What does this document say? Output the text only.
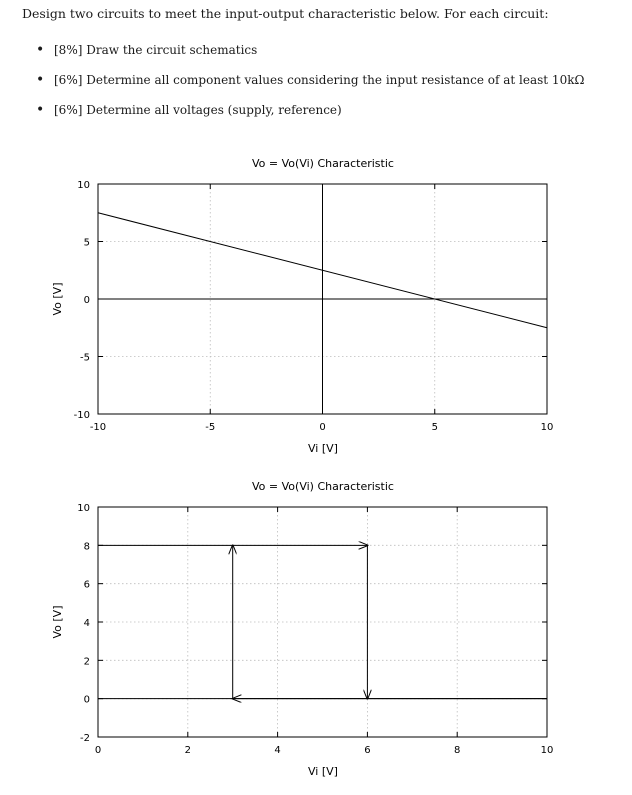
Design two circuits to meet the input-output characteristic below. For each circuit:
• [8%] Draw the circuit schematics
• [6%] Determine all component values considering the input resistance of at least 10kΩ
• [6%] Determine all voltages (supply, reference)
Vo = Vo(Vi) Characteristic
-10	-5	0	5	10
10
5
0
-5
-10
Vi [V]
Vo [V]
Vo = Vo(Vi) Characteristic
0	2	4	6	8	10
10
8
6
4
2
0
-2
Vi [V]
Vo [V]
